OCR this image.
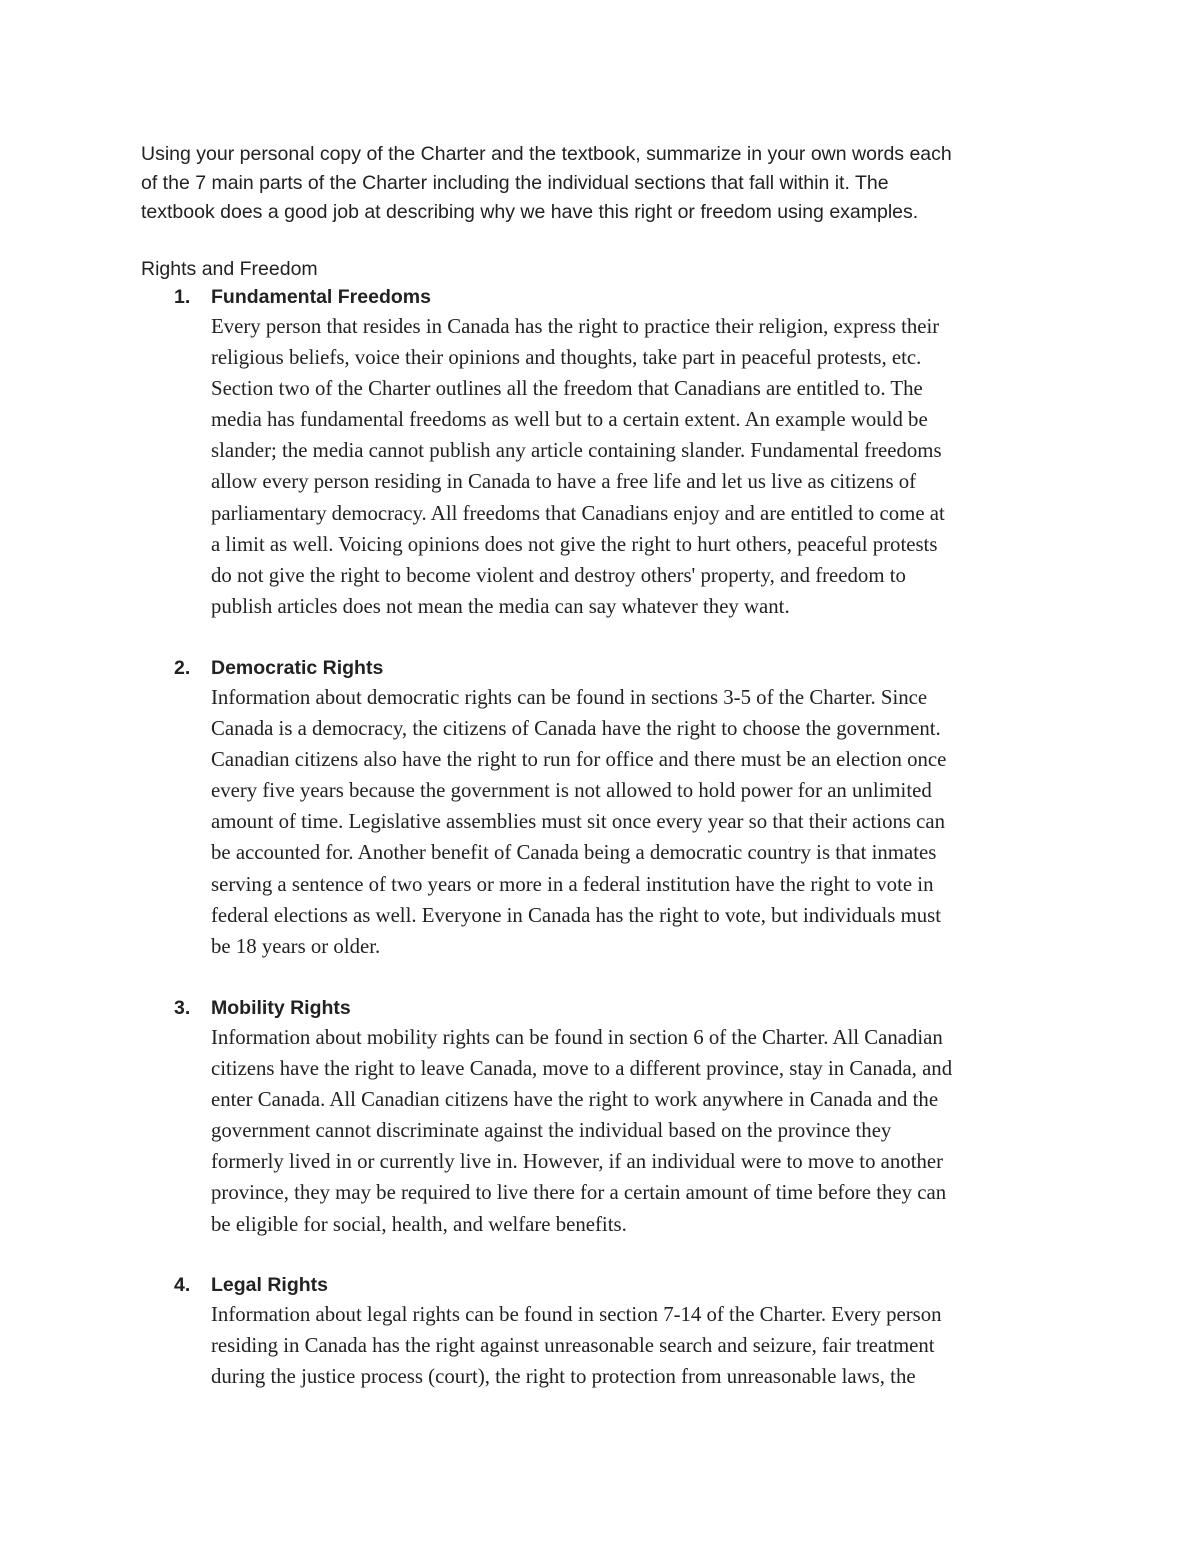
Using your personal copy of the Charter and the textbook, summarize in your own words each
of the 7 main parts of the Charter including the individual sections that fall within it. The
textbook does a good job at describing why we have this right or freedom using examples.

Rights and Freedom

1. Fundamental Freedoms

Every person that resides in Canada has the right to practice their religion, express their
religious beliefs, voice their opinions and thoughts, take part in peaceful protests, etc.
Section two of the Charter outlines all the freedom that Canadians are entitled to. The
media has fundamental freedoms as well but to a certain extent. An example would be
slander; the media cannot publish any article containing slander. Fundamental freedoms
allow every person residing in Canada to have a free life and let us live as citizens of
parliamentary democracy. All freedoms that Canadians enjoy and are entitled to come at
a limit as well. Voicing opinions does not give the right to hurt others, peaceful protests
do not give the right to become violent and destroy others' property, and freedom to
publish articles does not mean the media can say whatever they want.

2. Democratic Rights

Information about democratic rights can be found in sections 3-5 of the Charter. Since
Canada is a democracy, the citizens of Canada have the right to choose the government.
Canadian citizens also have the right to run for office and there must be an election once
every five years because the government is not allowed to hold power for an unlimited
amount of time. Legislative assemblies must sit once every year so that their actions can
be accounted for. Another benefit of Canada being a democratic country is that inmates
serving a sentence of two years or more in a federal institution have the right to vote in
federal elections as well. Everyone in Canada has the right to vote, but individuals must
be 18 years or older.

3. Mobility Rights

Information about mobility rights can be found in section 6 of the Charter. All Canadian
citizens have the right to leave Canada, move to a different province, stay in Canada, and
enter Canada. All Canadian citizens have the right to work anywhere in Canada and the
government cannot discriminate against the individual based on the province they
formerly lived in or currently live in. However, if an individual were to move to another
province, they may be required to live there for a certain amount of time before they can
be eligible for social, health, and welfare benefits.

4. Legal Rights

Information about legal rights can be found in section 7-14 of the Charter. Every person
residing in Canada has the right against unreasonable search and seizure, fair treatment
during the justice process (court), the right to protection from unreasonable laws, the
